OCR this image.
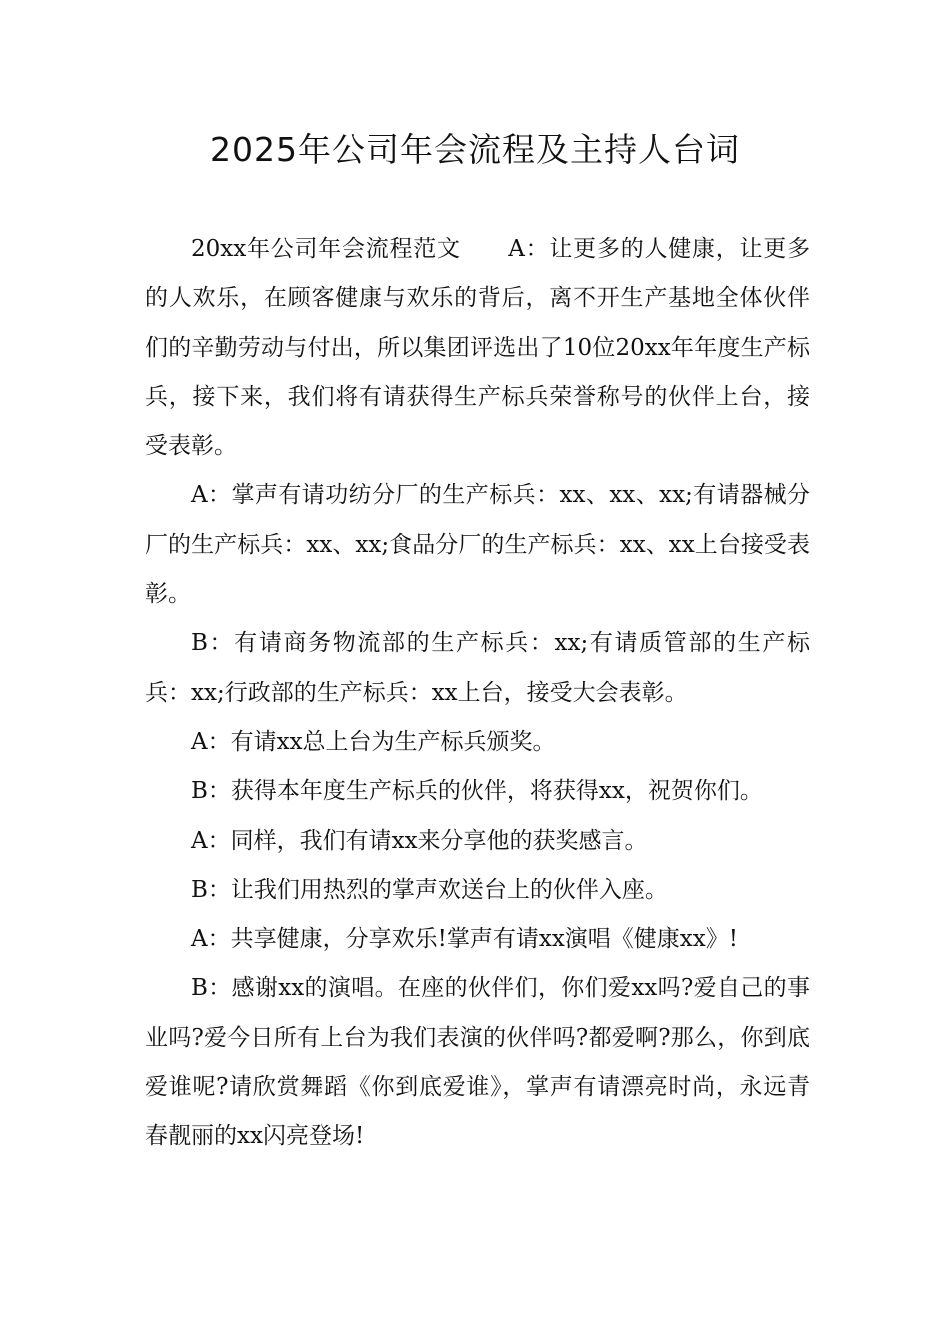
2025年公司年会流程及主持人台词

20xx年公司年会流程范文　　A：让更多的人健康，让更多的人欢乐，在顾客健康与欢乐的背后，离不开生产基地全体伙伴们的辛勤劳动与付出，所以集团评选出了10位20xx年年度生产标兵，接下来，我们将有请获得生产标兵荣誉称号的伙伴上台，接受表彰。

A：掌声有请功纺分厂的生产标兵：xx、xx、xx;有请器械分厂的生产标兵：xx、xx;食品分厂的生产标兵：xx、xx上台接受表彰。

B：有请商务物流部的生产标兵：xx;有请质管部的生产标兵：xx;行政部的生产标兵：xx上台，接受大会表彰。

A：有请xx总上台为生产标兵颁奖。

B：获得本年度生产标兵的伙伴，将获得xx，祝贺你们。

A：同样，我们有请xx来分享他的获奖感言。

B：让我们用热烈的掌声欢送台上的伙伴入座。

A：共享健康，分享欢乐!掌声有请xx演唱《健康xx》!

B：感谢xx的演唱。在座的伙伴们，你们爱xx吗?爱自己的事业吗?爱今日所有上台为我们表演的伙伴吗?都爱啊?那么，你到底爱谁呢?请欣赏舞蹈《你到底爱谁》，掌声有请漂亮时尚，永远青春靓丽的xx闪亮登场!
